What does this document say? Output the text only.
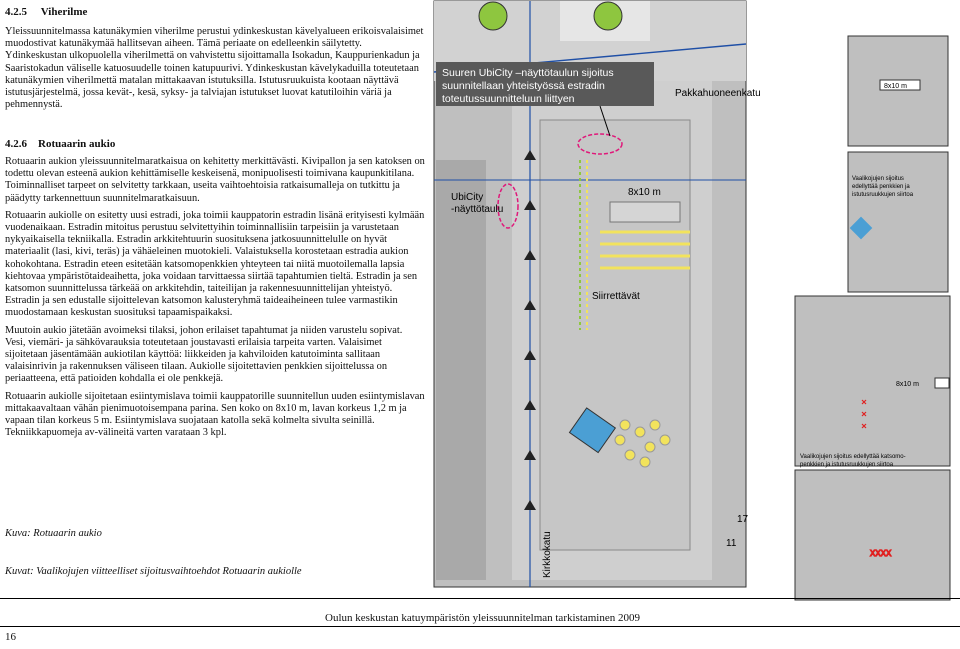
4.2.5 Viherilme

Yleissuunnitelmassa katunäkymien viherilme perustui ydinkeskustan kävelyalueen erikoisvalaisimet muodostivat katunäkymää hallitsevan aiheen. Tämä periaate on edelleenkin säilytetty. Ydinkeskustan ulkopuolella viherilmettä on vahvistettu sijoittamalla Isokadun, Kauppurienkadun ja Saaristokadun väliselle katuosuudelle toinen katupuurivi. Ydinkeskustan kävelykaduilla toteutetaan katunäkymien viherilmettä matalan mittakaavan istutuksilla. Istutusruukuista kootaan näyttävä istutusjärjestelmä, jossa kevät-, kesä, syksy- ja talviajan istutukset luovat katutiloihin väriä ja pehmennystä.

4.2.6 Rotuaarin aukio

Rotuaarin aukion yleissuunnitelmaratkaisua on kehitetty merkittävästi. Kivipallon ja sen katoksen on todettu olevan esteenä aukion kehittämiselle keskeisenä, monipuolisesti toimivana kaupunkitilana. Toiminnalliset tarpeet on selvitetty tarkkaan, useita vaihtoehtoisia ratkaisumalleja on tutkittu ja päädytty tarkennettuun suunnitelmaratkaisuun.

Rotuaarin aukiolle on esitetty uusi estradi, joka toimii kauppatorin estradin lisänä erityisesti kylmään vuodenaikaan. Estradin mitoitus perustuu selvitettyihin toiminnallisiin tarpeisiin ja varustetaan nykyaikaisella tekniikalla. Estradin arkkitehtuurin suosituksena jatkosuunnittelulle on hyvät materiaalit (lasi, kivi, teräs) ja vähäeleinen muotokieli. Valaistuksella korostetaan estradia aukion kohokohtana. Estradin eteen esitetään katsomopenkkien yhteyteen tai niitä muotoilemalla lapsia kiehtovaa ympäristötaideaihetta, joka voidaan tarvittaessa siirtää tapahtumien tieltä. Estradin ja sen katsomon suunnittelussa tärkeää on arkkitehdin, taiteilijan ja rakennesuunnittelijan yhteistyö. Estradin ja sen edustalle sijoittelevan katsomon kalusteryhmä taideaiheineen tulee varmastikin muodostamaan keskustan suosituksi tapaamispaikaksi.

Muutoin aukio jätetään avoimeksi tilaksi, johon erilaiset tapahtumat ja niiden varustelu sopivat. Vesi, viemäri- ja sähkövarauksia toteutetaan joustavasti erilaisia tarpeita varten. Valaisimet sijoitetaan jäsentämään aukiotilan käyttöä: liikkeiden ja kahviloiden katutoiminta sallitaan valaisinrivin ja rakennuksen väliseen tilaan. Aukiolle sijoitettavien penkkien sijoittelussa on periaatteena, että patioiden kohdalla ei ole penkkejä.

Rotuaarin aukiolle sijoitetaan esiintymislava toimii kauppatorille suunnitellun uuden esiintymislavan mittakaavaltaan vähän pienimuotoisempana parina. Sen koko on 8x10 m, lavan korkeus 1,2 m ja vapaan tilan korkeus 5 m. Esiintymislava suojataan katolla sekä kolmelta sivulta seinillä. Tekniikkapuomeja av-välineitä varten varataan 3 kpl.

Kuva: Rotuaarin aukio
Kuvat: Vaalikojujen viitteelliset sijoitusvaihtoehdot Rotuaarin aukiolle
Suuren UbiCity –näyttötaulun sijoitus suunnitellaan yhteistyössä estradin toteutussuunnitteluun liittyen	Pakkahuoneenkatu
UbiCity -näyttötaulu
8x10 m
Siirrettävät
Kirkkokatu
17
11
8x10 m
8x10 m
Vaalikojujen sijoitus edellyttää penkkien ja istutusruukkujen siirtoa
Vaalikojujen sijoitus edellyttää katsomo-penkkien ja istutusruukkujen siirtoa
XXXX
Oulun keskustan katuympäristön yleissuunnitelman tarkistaminen 2009
16
